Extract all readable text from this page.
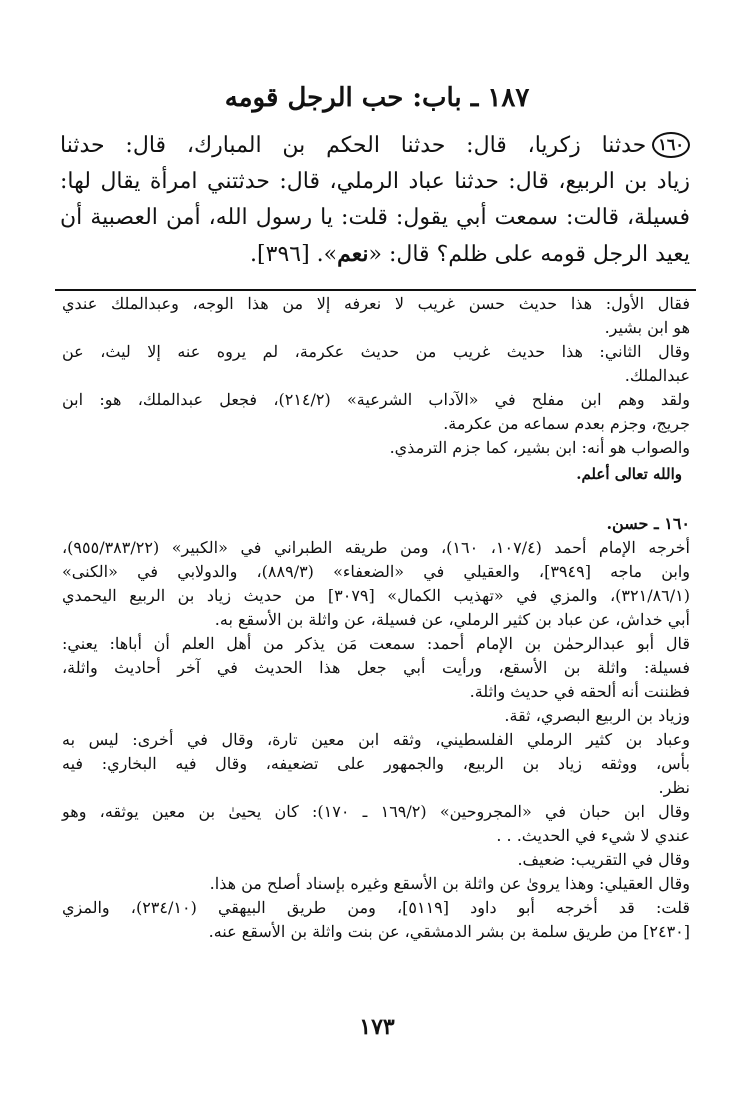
١٨٧ ـ باب: حب الرجل قومه
١٦٠حدثنا زكريا، قال: حدثنا الحكم بن المبارك، قال: حدثنا
زياد بن الربيع، قال: حدثنا عباد الرملي، قال: حدثتني امرأة يقال لها:
فسيلة، قالت: سمعت أبي يقول: قلت: يا رسول الله، أمن العصبية أن
يعيد الرجل قومه على ظلم؟ قال: «نعم». [٣٩٦].
فقال الأول: هذا حديث حسن غريب لا نعرفه إلا من هذا الوجه، وعبدالملك عندي
هو ابن بشير.
وقال الثاني: هذا حديث غريب من حديث عكرمة، لم يروه عنه إلا ليث، عن
عبدالملك.
ولقد وهم ابن مفلح في «الآداب الشرعية» (٢١٤/٢)، فجعل عبدالملك، هو: ابن
جريج، وجزم بعدم سماعه من عكرمة.
والصواب هو أنه: ابن بشير، كما جزم الترمذي.
والله تعالى أعلم.
١٦٠ ـ حسن.
أخرجه الإمام أحمد (١٠٧/٤، ١٦٠)، ومن طريقه الطبراني في «الكبير» (٩٥٥/٣٨٣/٢٢)،
وابن ماجه [٣٩٤٩]، والعقيلي في «الضعفاء» (٨٨٩/٣)، والدولابي في «الكنى»
(٣٢١/٨٦/١)، والمزي في «تهذيب الكمال» [٣٠٧٩] من حديث زياد بن الربيع اليحمدي
أبي خداش، عن عباد بن كثير الرملي، عن فسيلة، عن واثلة بن الأسقع به.
قال أبو عبدالرحمٰن بن الإمام أحمد: سمعت مَن يذكر من أهل العلم أن أباها: يعني:
فسيلة: واثلة بن الأسقع، ورأيت أبي جعل هذا الحديث في آخر أحاديث واثلة،
فظننت أنه ألحقه في حديث واثلة.
وزياد بن الربيع البصري، ثقة.
وعباد بن كثير الرملي الفلسطيني، وثقه ابن معين تارة، وقال في أخرى: ليس به
بأس، ووثقه زياد بن الربيع، والجمهور على تضعيفه، وقال فيه البخاري: فيه
نظر.
وقال ابن حبان في «المجروحين» (١٦٩/٢ ـ ١٧٠): كان يحيىٰ بن معين يوثقه، وهو
عندي لا شيء في الحديث. . .
وقال في التقريب: ضعيف.
وقال العقيلي: وهذا يروىٰ عن واثلة بن الأسقع وغيره بإسناد أصلح من هذا.
قلت: قد أخرجه أبو داود [٥١١٩]، ومن طريق البيهقي (٢٣٤/١٠)، والمزي
[٢٤٣٠] من طريق سلمة بن بشر الدمشقي، عن بنت واثلة بن الأسقع عنه.
١٧٣
